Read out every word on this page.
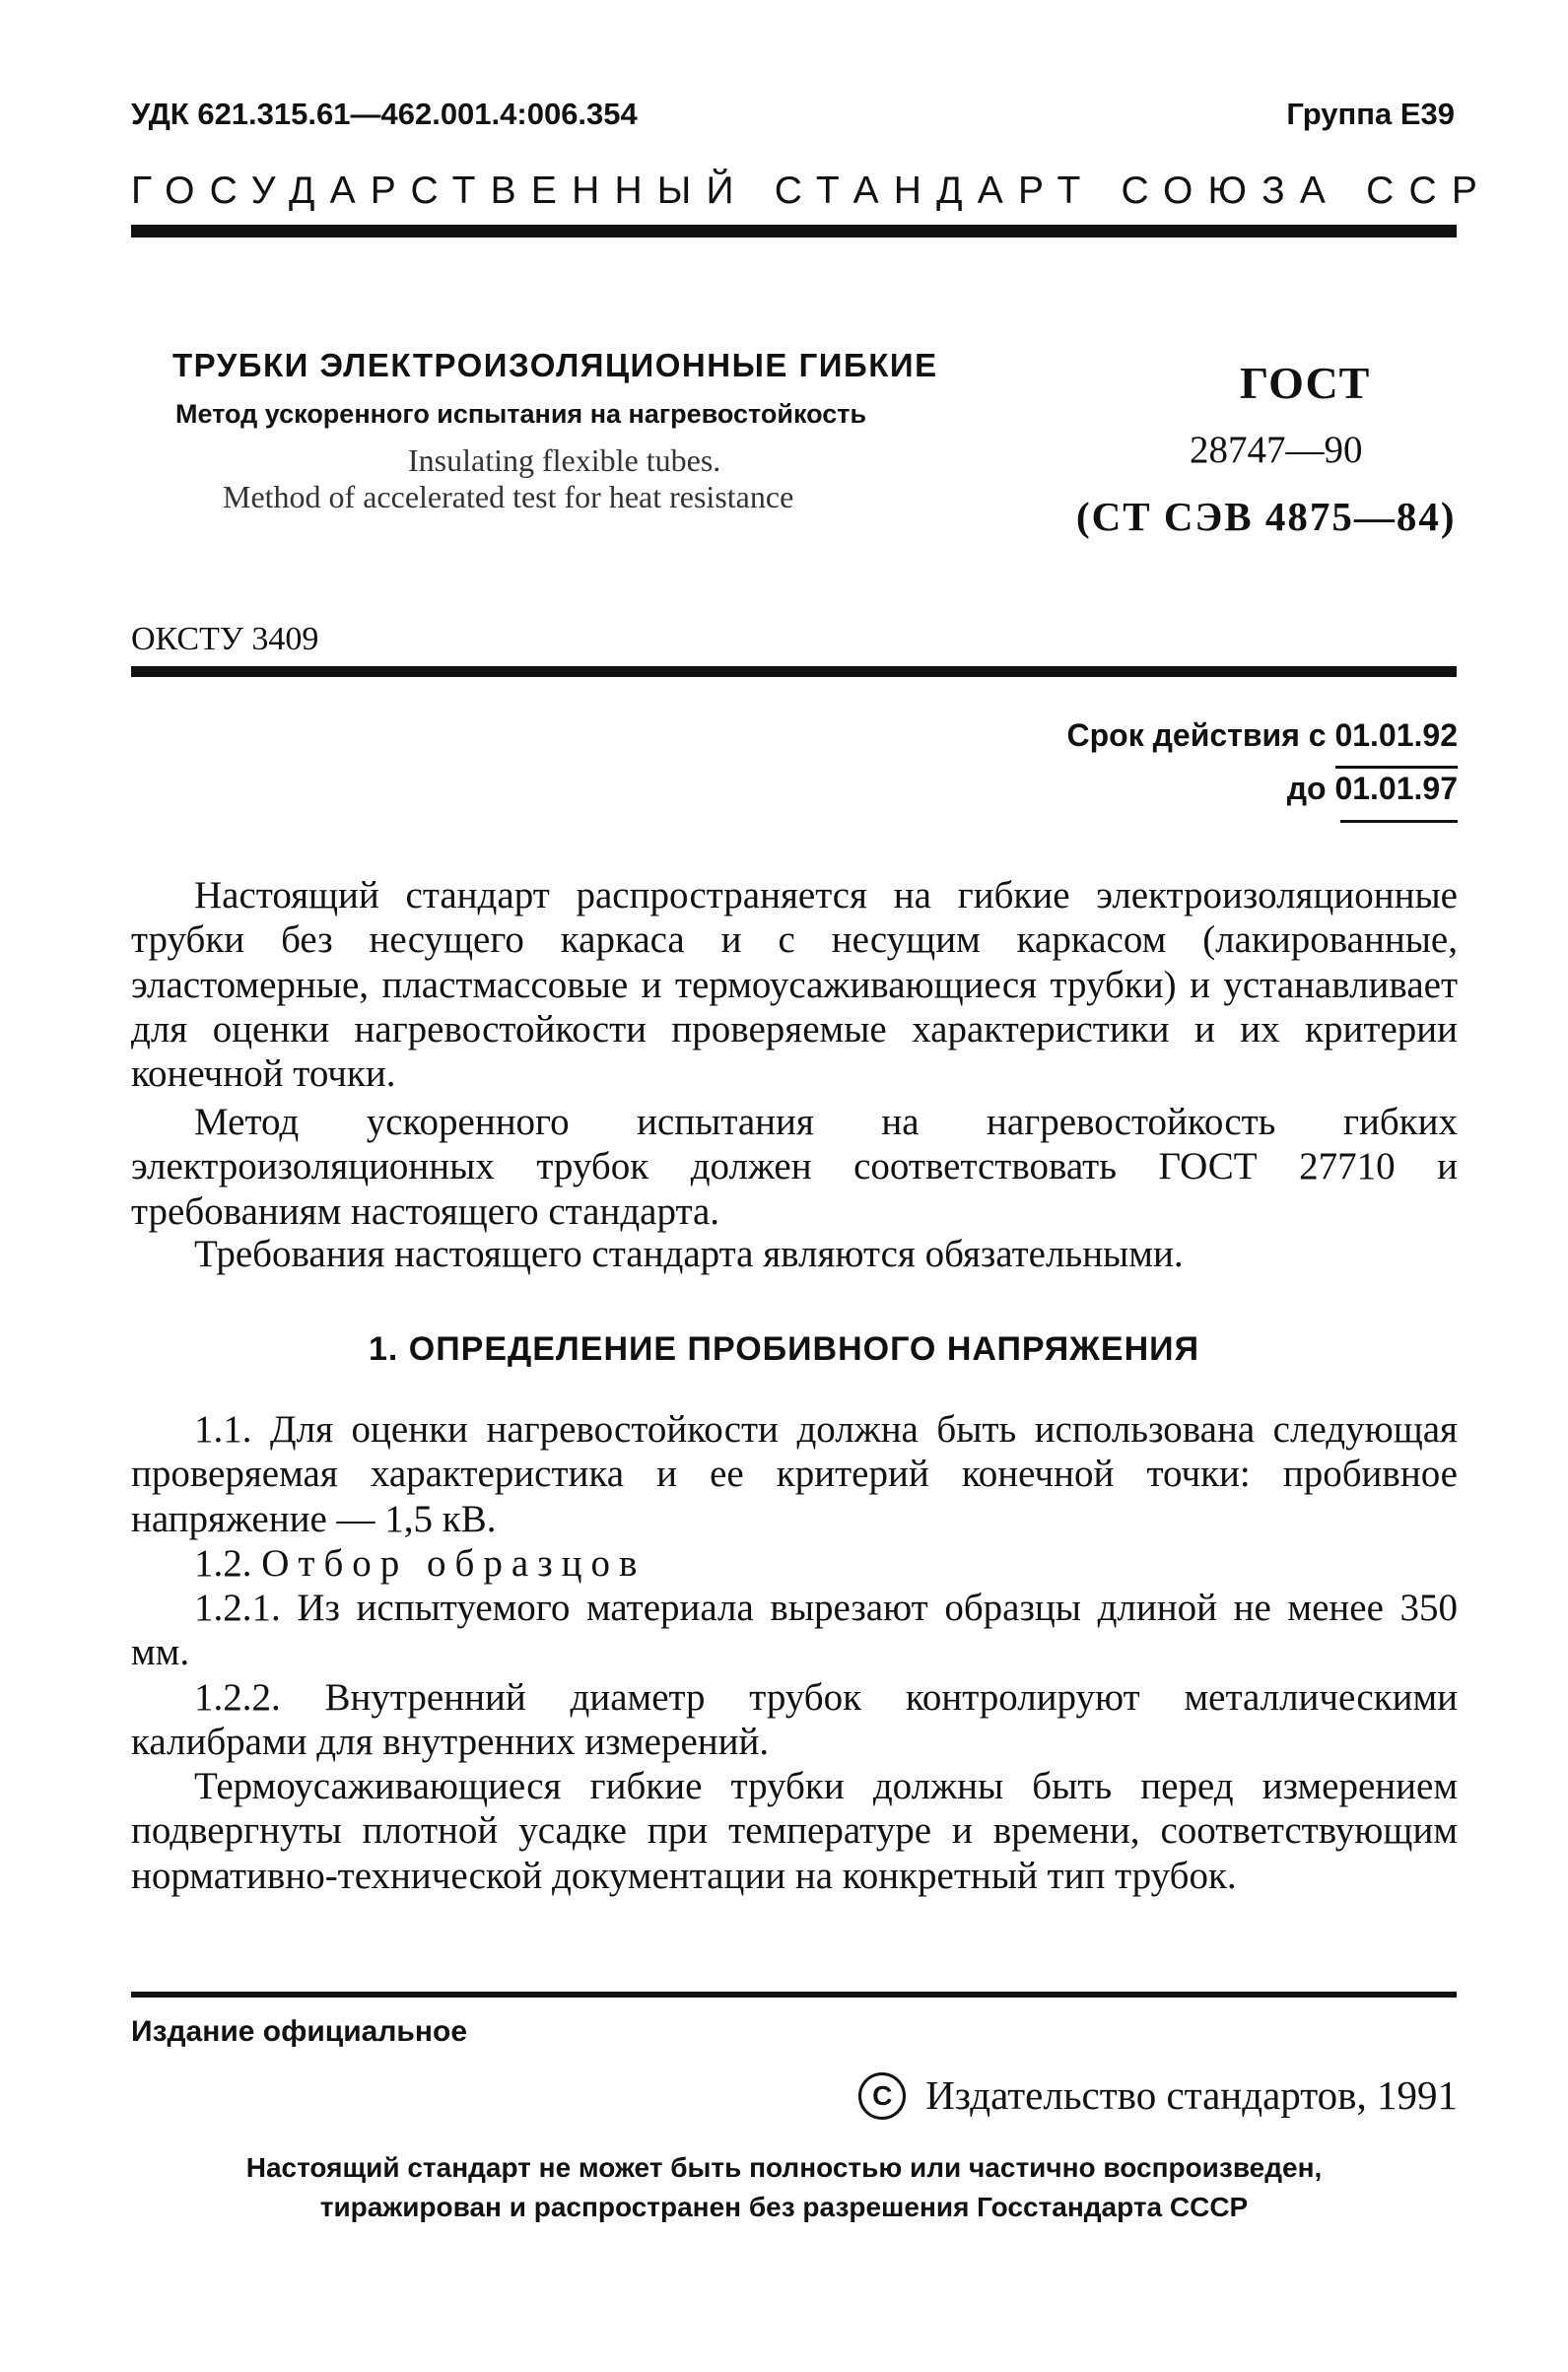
УДК 621.315.61—462.001.4:006.354	Группа Е39
ГОСУДАРСТВЕННЫЙ СТАНДАРТ СОЮЗА ССР
ТРУБКИ ЭЛЕКТРОИЗОЛЯЦИОННЫЕ ГИБКИЕ
Метод ускоренного испытания на нагревостойкость
Insulating flexible tubes.
Method of accelerated test for heat resistance
ГОСТ
28747—90
(СТ СЭВ 4875—84)
ОКСТУ 3409
Срок действия с 01.01.92
до 01.01.97
Настоящий стандарт распространяется на гибкие электроизоляционные трубки без несущего каркаса и с несущим каркасом (лакированные, эластомерные, пластмассовые и термоусаживающиеся трубки) и устанавливает для оценки нагревостойкости проверяемые характеристики и их критерии конечной точки.
Метод ускоренного испытания на нагревостойкость гибких электроизоляционных трубок должен соответствовать ГОСТ 27710 и требованиям настоящего стандарта.
Требования настоящего стандарта являются обязательными.
1. ОПРЕДЕЛЕНИЕ ПРОБИВНОГО НАПРЯЖЕНИЯ
1.1. Для оценки нагревостойкости должна быть использована следующая проверяемая характеристика и ее критерий конечной точки: пробивное напряжение — 1,5 кВ.
1.2. Отбор образцов
1.2.1. Из испытуемого материала вырезают образцы длиной не менее 350 мм.
1.2.2. Внутренний диаметр трубок контролируют металлическими калибрами для внутренних измерений.
Термоусаживающиеся гибкие трубки должны быть перед измерением подвергнуты плотной усадке при температуре и времени, соответствующим нормативно-технической документации на конкретный тип трубок.
Издание официальное
C Издательство стандартов, 1991
Настоящий стандарт не может быть полностью или частично воспроизведен,
тиражирован и распространен без разрешения Госстандарта СССР
